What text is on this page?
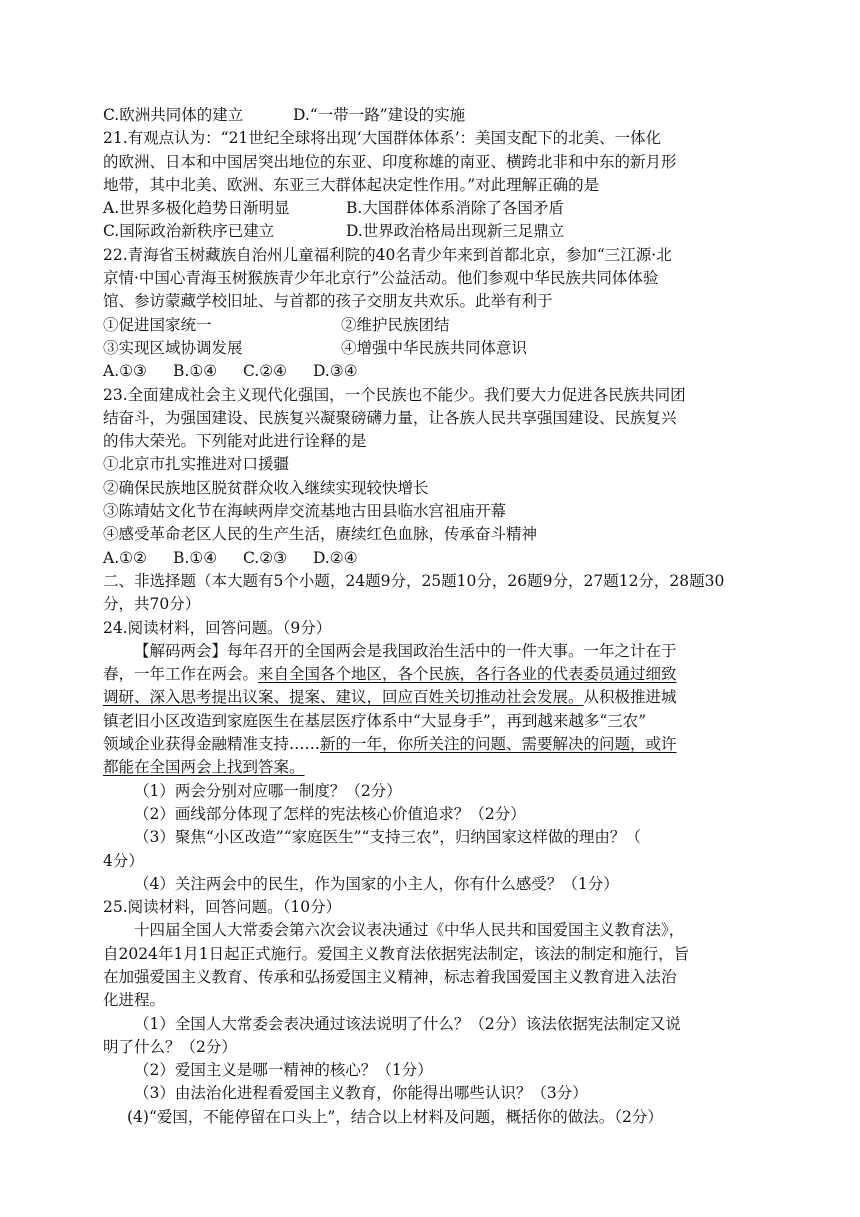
C.欧洲共同体的建立	D.“一带一路”建设的实施
21.有观点认为：“21世纪全球将出现‘大国群体体系’：美国支配下的北美、一体化
的欧洲、日本和中国居突出地位的东亚、印度称雄的南亚、横跨北非和中东的新月形
地带，其中北美、欧洲、东亚三大群体起决定性作用。”对此理解正确的是
A.世界多极化趋势日渐明显	B.大国群体体系消除了各国矛盾
C.国际政治新秩序已建立	D.世界政治格局出现新三足鼎立
22.青海省玉树藏族自治州儿童福利院的40名青少年来到首都北京，参加“三江源·北
京情·中国心青海玉树猴族青少年北京行”公益活动。他们参观中华民族共同体体验
馆、参访蒙藏学校旧址、与首都的孩子交朋友共欢乐。此举有利于
①促进国家统一	②维护民族团结
③实现区域协调发展	④增强中华民族共同体意识
A.①③ B.①④ C.②④ D.③④
23.全面建成社会主义现代化强国，一个民族也不能少。我们要大力促进各民族共同团
结奋斗，为强国建设、民族复兴凝聚磅礴力量，让各族人民共享强国建设、民族复兴
的伟大荣光。下列能对此进行诠释的是
①北京市扎实推进对口援疆
②确保民族地区脱贫群众收入继续实现较快增长
③陈靖姑文化节在海峡两岸交流基地古田县临水宫祖庙开幕
④感受革命老区人民的生产生活，赓续红色血脉，传承奋斗精神
A.①② B.①④ C.②③ D.②④
二、非选择题（本大题有5个小题，24题9分，25题10分，26题9分，27题12分，28题30
分，共70分）
24.阅读材料，回答问题。（9分）
【解码两会】每年召开的全国两会是我国政治生活中的一件大事。一年之计在于
春，一年工作在两会。来自全国各个地区，各个民族，各行各业的代表委员通过细致
调研、深入思考提出议案、提案、建议，回应百姓关切推动社会发展。从积极推进城
镇老旧小区改造到家庭医生在基层医疗体系中“大显身手”，再到越来越多“三农”
领域企业获得金融精准支持……新的一年，你所关注的问题、需要解决的问题，或许
都能在全国两会上找到答案。
（1）两会分别对应哪一制度？（2分）
（2）画线部分体现了怎样的宪法核心价值追求？（2分）
（3）聚焦“小区改造”“家庭医生”“支持三农”，归纳国家这样做的理由？（
4分）
（4）关注两会中的民生，作为国家的小主人，你有什么感受？（1分）
25.阅读材料，回答问题。（10分）
十四届全国人大常委会第六次会议表决通过《中华人民共和国爱国主义教育法》，
自2024年1月1日起正式施行。爱国主义教育法依据宪法制定，该法的制定和施行，旨
在加强爱国主义教育、传承和弘扬爱国主义精神，标志着我国爱国主义教育进入法治
化进程。
（1）全国人大常委会表决通过该法说明了什么？（2分）该法依据宪法制定又说
明了什么？（2分）
（2）爱国主义是哪一精神的核心？（1分）
（3）由法治化进程看爱国主义教育，你能得出哪些认识？（3分）
(4)“爱国，不能停留在口头上”，结合以上材料及问题，概括你的做法。（2分）
